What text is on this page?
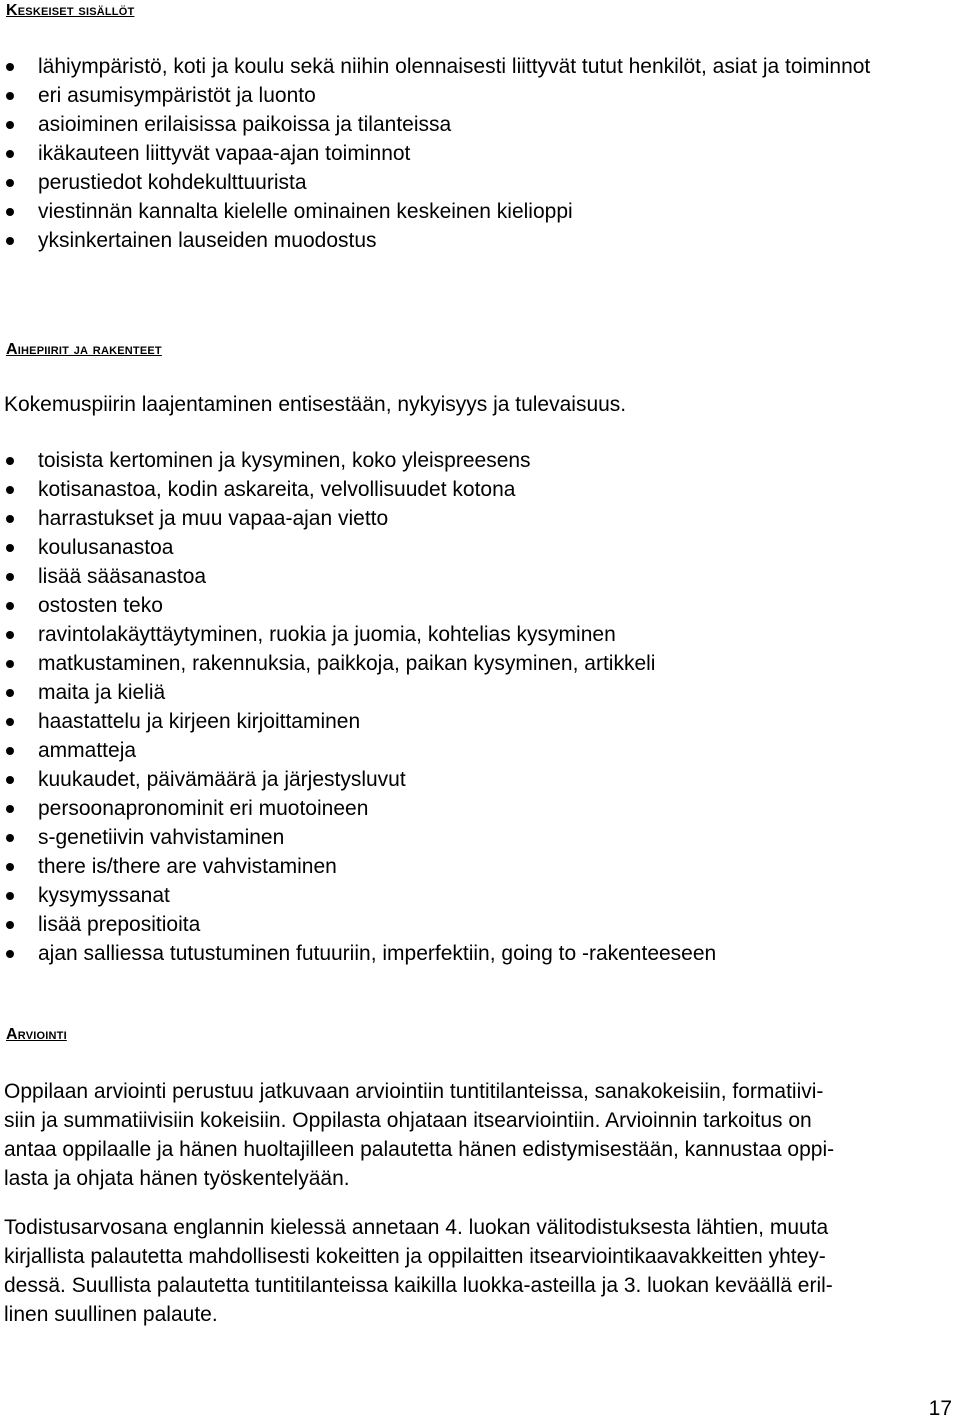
Keskeiset sisällöt
lähiympäristö, koti ja koulu sekä niihin olennaisesti liittyvät tutut henkilöt, asiat ja toiminnot
eri asumisympäristöt ja luonto
asioiminen erilaisissa paikoissa ja tilanteissa
ikäkauteen liittyvät vapaa-ajan toiminnot
perustiedot kohdekulttuurista
viestinnän kannalta kielelle ominainen keskeinen kielioppi
yksinkertainen lauseiden muodostus
Aihepiirit ja rakenteet

Kokemuspiirin laajentaminen entisestään, nykyisyys ja tulevaisuus.

toisista kertominen ja kysyminen, koko yleispreesens
kotisanastoa, kodin askareita, velvollisuudet kotona
harrastukset ja muu vapaa-ajan vietto
koulusanastoa
lisää sääsanastoa
ostosten teko
ravintolakäyttäytyminen, ruokia ja juomia, kohtelias kysyminen
matkustaminen, rakennuksia, paikkoja, paikan kysyminen, artikkeli
maita ja kieliä
haastattelu ja kirjeen kirjoittaminen
ammatteja
kuukaudet, päivämäärä ja järjestysluvut
persoonapronominit eri muotoineen
s-genetiivin vahvistaminen
there is/there are vahvistaminen
kysymyssanat
lisää prepositioita
ajan salliessa tutustuminen futuuriin, imperfektiin, going to -rakenteeseen
Arviointi
Oppilaan arviointi perustuu jatkuvaan arviointiin tuntitilanteissa, sanakokeisiin, formatiivi-
siin ja summatiivisiin kokeisiin. Oppilasta ohjataan itsearviointiin. Arvioinnin tarkoitus on
antaa oppilaalle ja hänen huoltajilleen palautetta hänen edistymisestään, kannustaa oppi-
lasta ja ohjata hänen työskentelyään.
Todistusarvosana englannin kielessä annetaan 4. luokan välitodistuksesta lähtien, muuta
kirjallista palautetta mahdollisesti kokeitten ja oppilaitten itsearviointikaavakkeitten yhtey-
dessä. Suullista palautetta tuntitilanteissa kaikilla luokka-asteilla ja 3. luokan keväällä eril-
linen suullinen palaute.
17
